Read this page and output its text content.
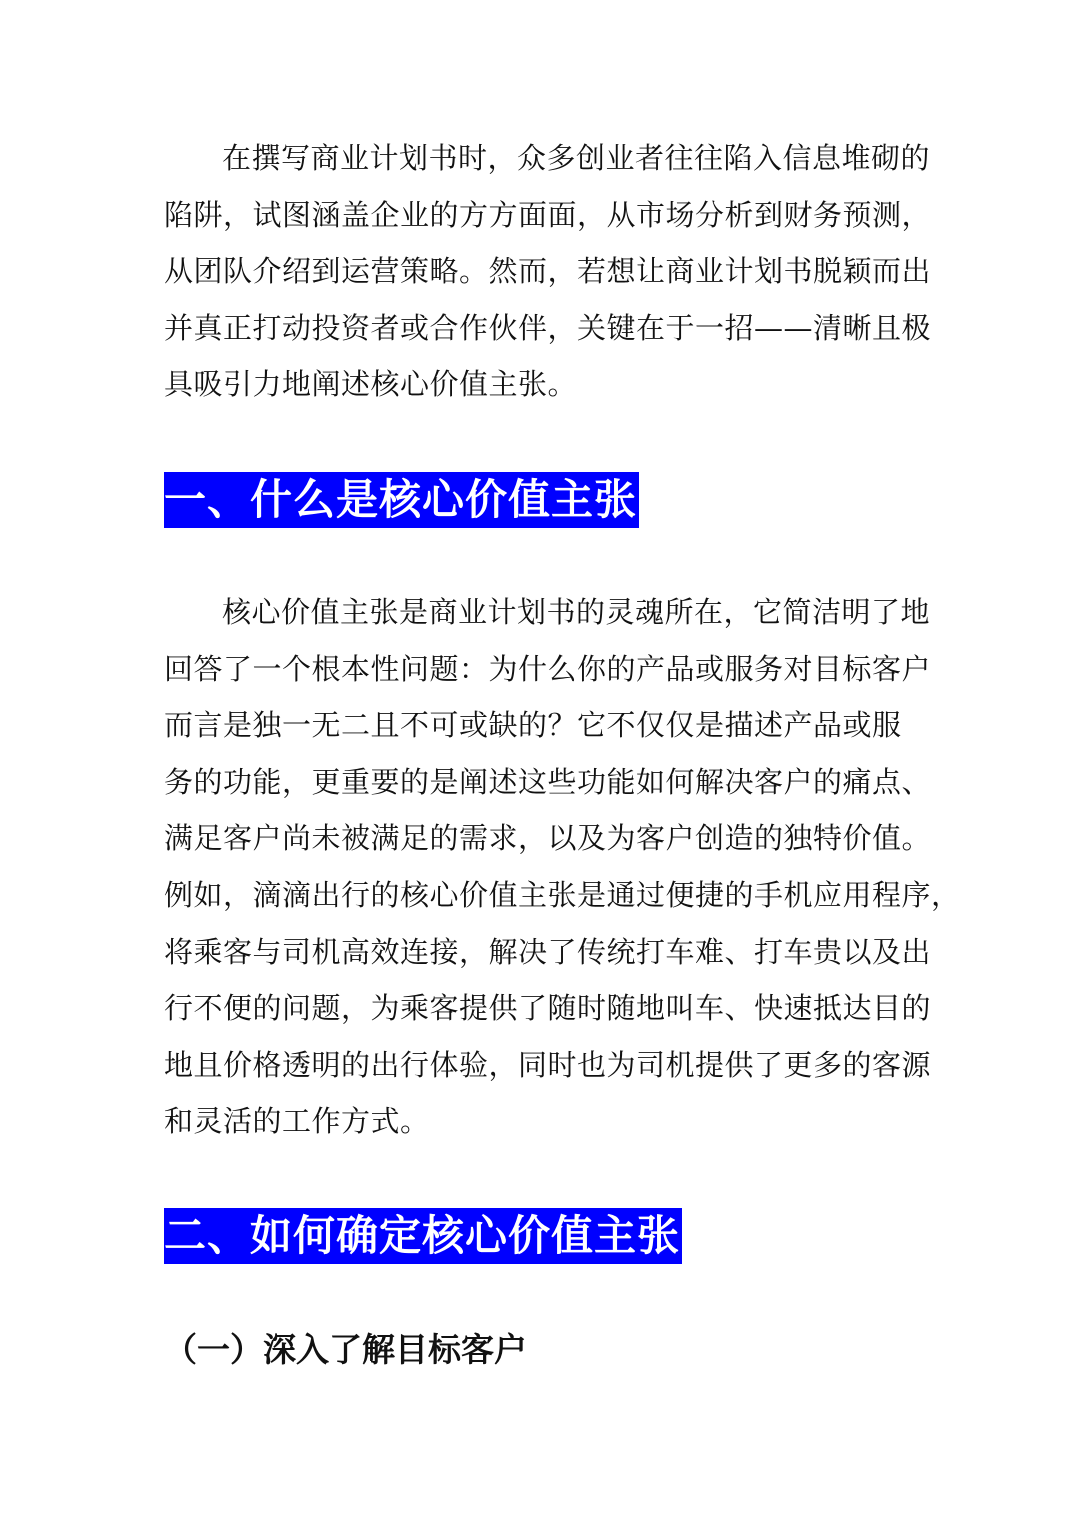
在撰写商业计划书时，众多创业者往往陷入信息堆砌的
陷阱，试图涵盖企业的方方面面，从市场分析到财务预测，
从团队介绍到运营策略。然而，若想让商业计划书脱颖而出
并真正打动投资者或合作伙伴，关键在于一招——清晰且极
具吸引力地阐述核心价值主张。
一、什么是核心价值主张
核心价值主张是商业计划书的灵魂所在，它简洁明了地
回答了一个根本性问题：为什么你的产品或服务对目标客户
而言是独一无二且不可或缺的？它不仅仅是描述产品或服
务的功能，更重要的是阐述这些功能如何解决客户的痛点、
满足客户尚未被满足的需求，以及为客户创造的独特价值。
例如，滴滴出行的核心价值主张是通过便捷的手机应用程序，
将乘客与司机高效连接，解决了传统打车难、打车贵以及出
行不便的问题，为乘客提供了随时随地叫车、快速抵达目的
地且价格透明的出行体验，同时也为司机提供了更多的客源
和灵活的工作方式。
二、如何确定核心价值主张
（一）深入了解目标客户
